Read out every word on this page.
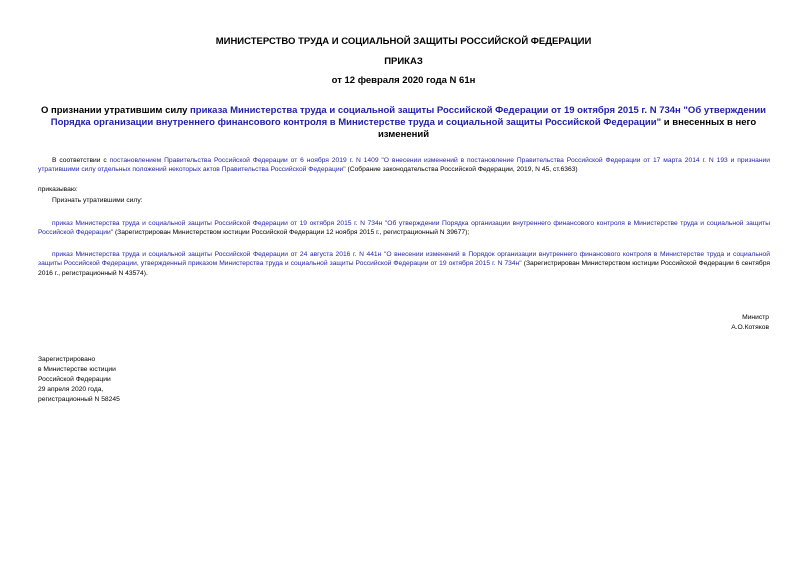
МИНИСТЕРСТВО ТРУДА И СОЦИАЛЬНОЙ ЗАЩИТЫ РОССИЙСКОЙ ФЕДЕРАЦИИ
ПРИКАЗ
от 12 февраля 2020 года N 61н
О признании утратившим силу приказа Министерства труда и социальной защиты Российской Федерации от 19 октября 2015 г. N 734н "Об утверждении Порядка организации внутреннего финансового контроля в Министерстве труда и социальной защиты Российской Федерации" и внесенных в него изменений
В соответствии с постановлением Правительства Российской Федерации от 6 ноября 2019 г. N 1409 "О внесении изменений в постановление Правительства Российской Федерации от 17 марта 2014 г. N 193 и признании утратившими силу отдельных положений некоторых актов Правительства Российской Федерации" (Собрание законодательства Российской Федерации, 2019, N 45, ст.6363)
приказываю:
Признать утратившими силу:
приказ Министерства труда и социальной защиты Российской Федерации от 19 октября 2015 г. N 734н "Об утверждении Порядка организации внутреннего финансового контроля в Министерстве труда и социальной защиты Российской Федерации" (Зарегистрирован Министерством юстиции Российской Федерации 12 ноября 2015 г., регистрационный N 39677);
приказ Министерства труда и социальной защиты Российской Федерации от 24 августа 2016 г. N 441н "О внесении изменений в Порядок организации внутреннего финансового контроля в Министерстве труда и социальной защиты Российской Федерации, утвержденный приказом Министерства труда и социальной защиты Российской Федерации от 19 октября 2015 г. N 734н" (Зарегистрирован Министерством юстиции Российской Федерации 6 сентября 2016 г., регистрационный N 43574).
Министр
А.О.Котяков
Зарегистрировано
в Министерстве юстиции
Российской Федерации
29 апреля 2020 года,
регистрационный N 58245
